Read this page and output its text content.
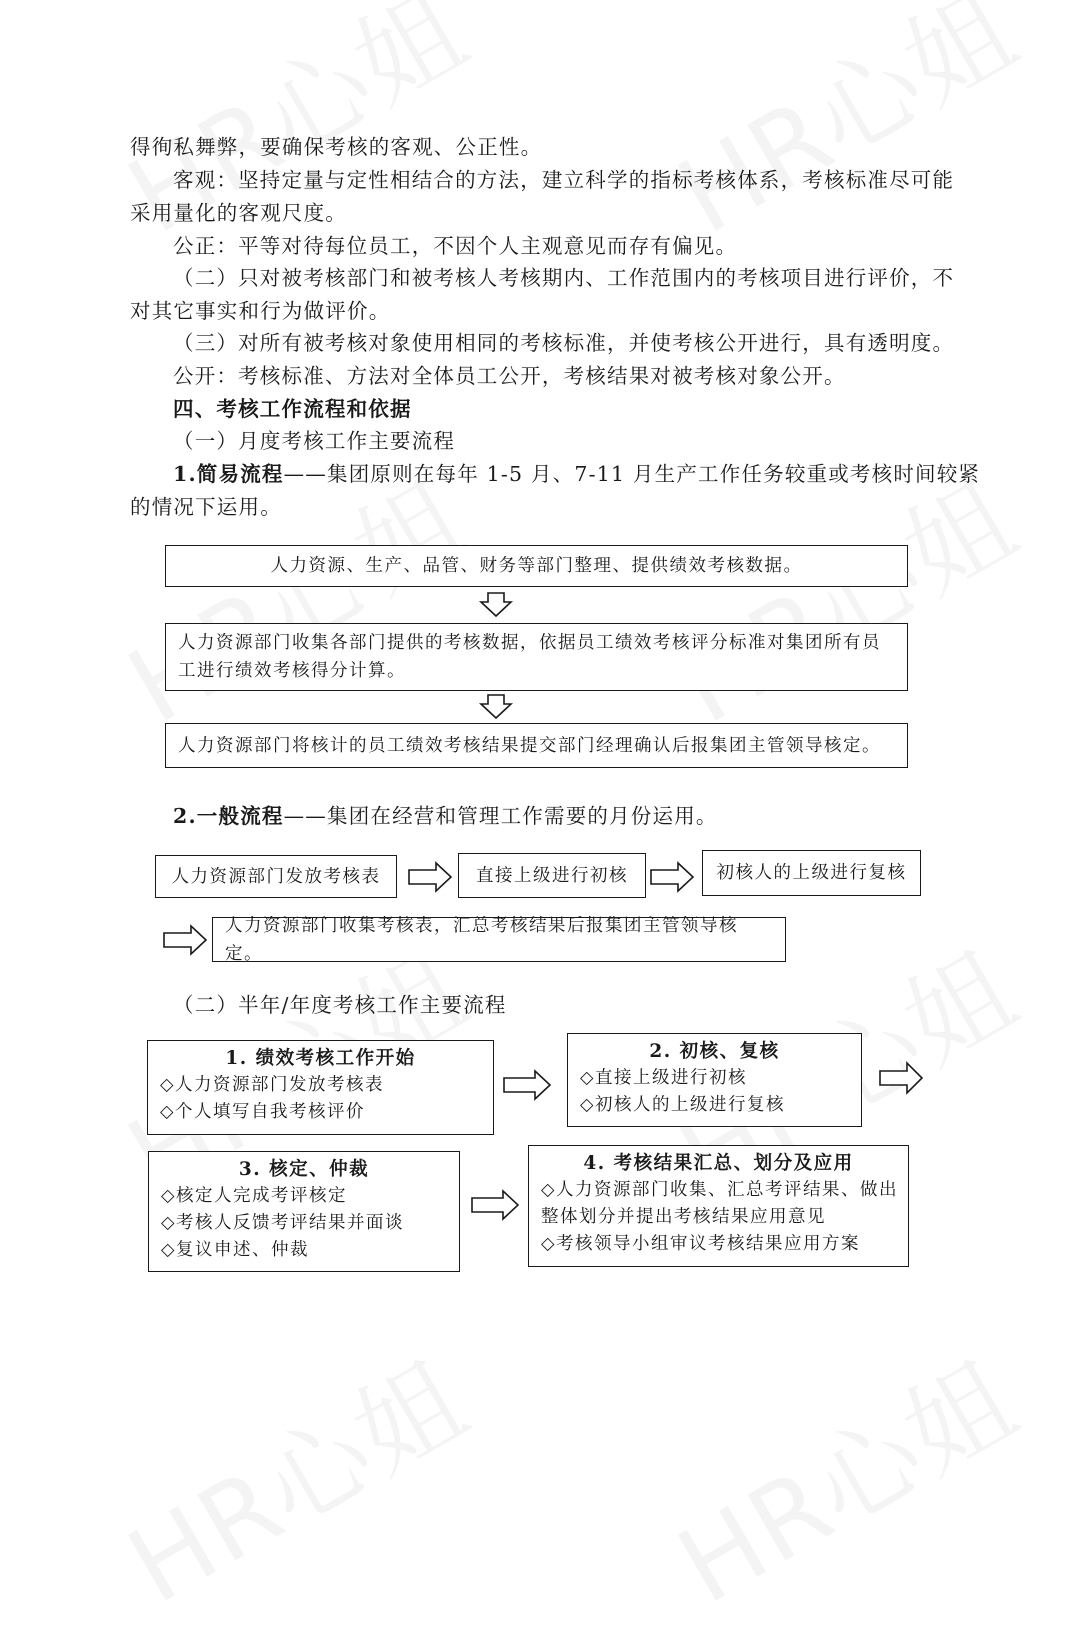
得徇私舞弊，要确保考核的客观、公正性。
客观：坚持定量与定性相结合的方法，建立科学的指标考核体系，考核标准尽可能
采用量化的客观尺度。
公正：平等对待每位员工，不因个人主观意见而存有偏见。
（二）只对被考核部门和被考核人考核期内、工作范围内的考核项目进行评价，不
对其它事实和行为做评价。
（三）对所有被考核对象使用相同的考核标准，并使考核公开进行，具有透明度。
公开：考核标准、方法对全体员工公开，考核结果对被考核对象公开。
四、考核工作流程和依据
（一）月度考核工作主要流程
1.简易流程——集团原则在每年 1-5 月、7-11 月生产工作任务较重或考核时间较紧
的情况下运用。
人力资源、生产、品管、财务等部门整理、提供绩效考核数据。
人力资源部门收集各部门提供的考核数据，依据员工绩效考核评分标准对集团所有员工进行绩效考核得分计算。
人力资源部门将核计的员工绩效考核结果提交部门经理确认后报集团主管领导核定。
2.一般流程——集团在经营和管理工作需要的月份运用。
人力资源部门发放考核表	直接上级进行初核	初核人的上级进行复核
人力资源部门收集考核表，汇总考核结果后报集团主管领导核定。
（二）半年/年度考核工作主要流程
1. 绩效考核工作开始
◇人力资源部门发放考核表
◇个人填写自我考核评价
2. 初核、复核
◇直接上级进行初核
◇初核人的上级进行复核
3. 核定、仲裁
◇核定人完成考评核定
◇考核人反馈考评结果并面谈
◇复议申述、仲裁
4. 考核结果汇总、划分及应用
◇人力资源部门收集、汇总考评结果、做出整体划分并提出考核结果应用意见
◇考核领导小组审议考核结果应用方案
